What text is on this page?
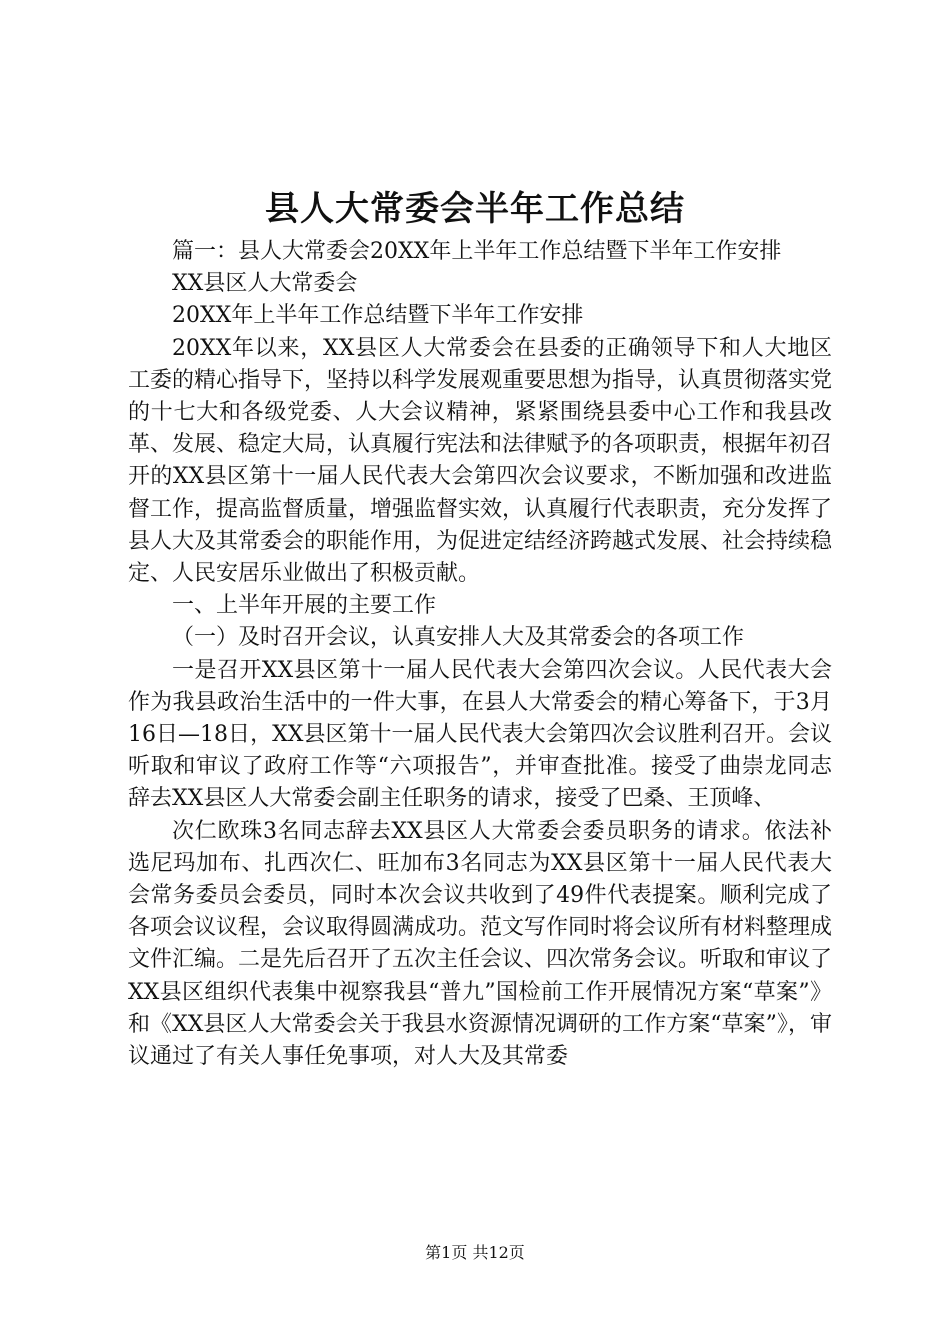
县人大常委会半年工作总结

篇一：县人大常委会20XX年上半年工作总结暨下半年工作安排

XX县区人大常委会

20XX年上半年工作总结暨下半年工作安排

20XX年以来，XX县区人大常委会在县委的正确领导下和人大地区工委的精心指导下，坚持以科学发展观重要思想为指导，认真贯彻落实党的十七大和各级党委、人大会议精神，紧紧围绕县委中心工作和我县改革、发展、稳定大局，认真履行宪法和法律赋予的各项职责，根据年初召开的XX县区第十一届人民代表大会第四次会议要求，不断加强和改进监督工作，提高监督质量，增强监督实效，认真履行代表职责，充分发挥了县人大及其常委会的职能作用，为促进定结经济跨越式发展、社会持续稳定、人民安居乐业做出了积极贡献。

一、上半年开展的主要工作

（一）及时召开会议，认真安排人大及其常委会的各项工作

一是召开XX县区第十一届人民代表大会第四次会议。人民代表大会作为我县政治生活中的一件大事，在县人大常委会的精心筹备下，于3月16日—18日，XX县区第十一届人民代表大会第四次会议胜利召开。会议听取和审议了政府工作等“六项报告”，并审查批准。接受了曲崇龙同志辞去XX县区人大常委会副主任职务的请求，接受了巴桑、王顶峰、

次仁欧珠3名同志辞去XX县区人大常委会委员职务的请求。依法补选尼玛加布、扎西次仁、旺加布3名同志为XX县区第十一届人民代表大会常务委员会委员，同时本次会议共收到了49件代表提案。顺利完成了各项会议议程，会议取得圆满成功。范文写作同时将会议所有材料整理成文件汇编。二是先后召开了五次主任会议、四次常务会议。听取和审议了XX县区组织代表集中视察我县“普九”国检前工作开展情况方案“草案”》和《XX县区人大常委会关于我县水资源情况调研的工作方案“草案”》，审议通过了有关人事任免事项，对人大及其常委

第1页 共12页
